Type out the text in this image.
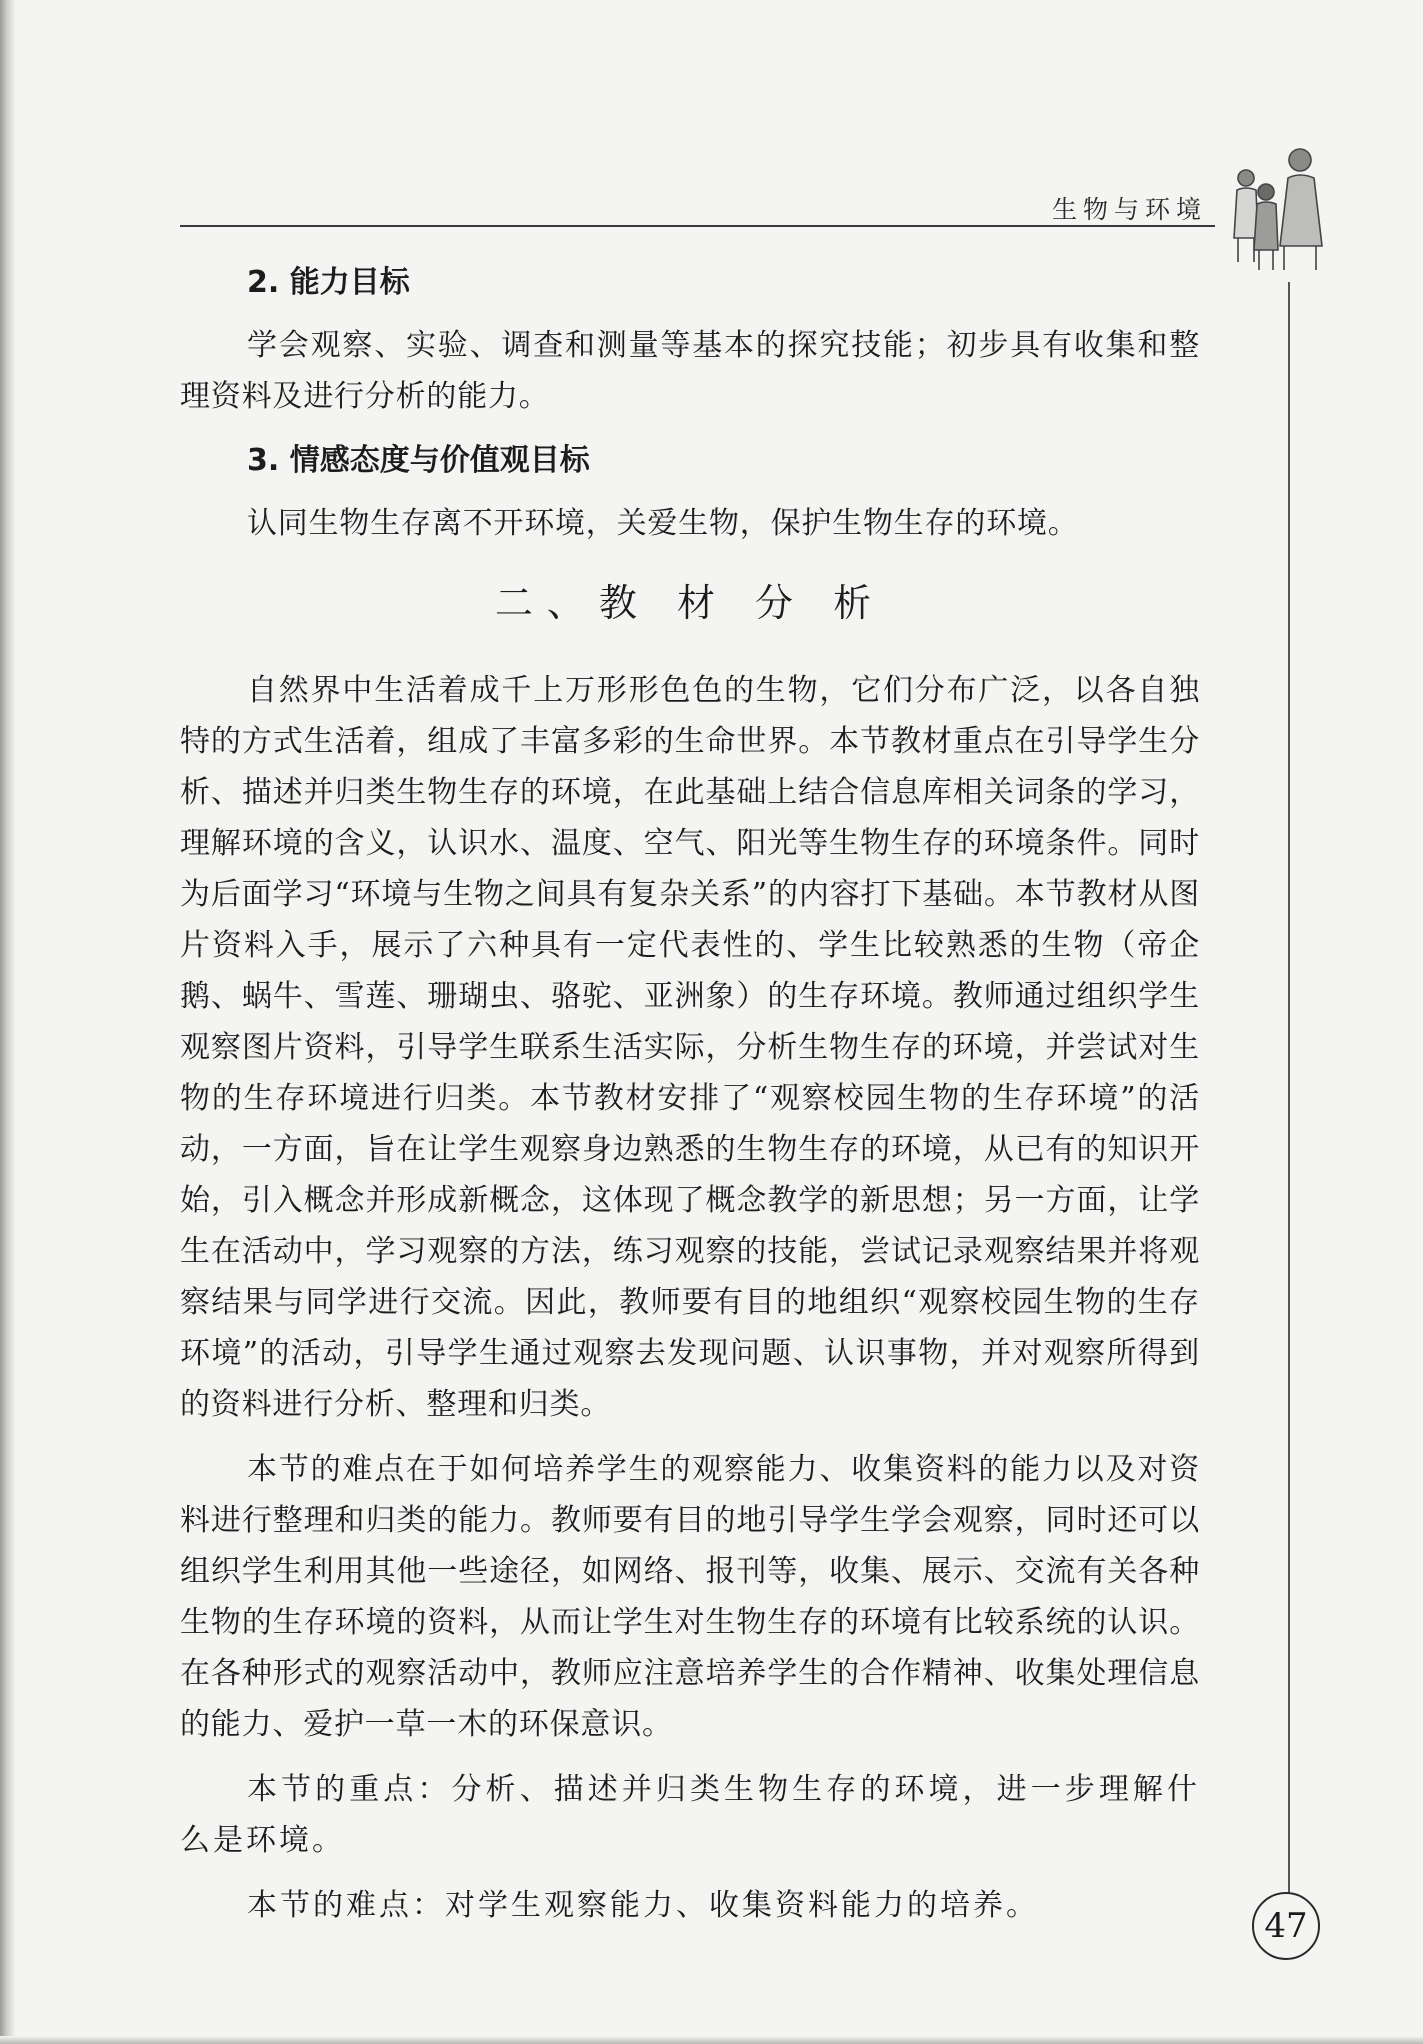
生物与环境
2. 能力目标

学会观察、实验、调查和测量等基本的探究技能；初步具有收集和整理资料及进行分析的能力。

3. 情感态度与价值观目标

认同生物生存离不开环境，关爱生物，保护生物生存的环境。

二、教 材 分 析

自然界中生活着成千上万形形色色的生物，它们分布广泛，以各自独特的方式生活着，组成了丰富多彩的生命世界。本节教材重点在引导学生分析、描述并归类生物生存的环境，在此基础上结合信息库相关词条的学习，理解环境的含义，认识水、温度、空气、阳光等生物生存的环境条件。同时为后面学习“环境与生物之间具有复杂关系”的内容打下基础。本节教材从图片资料入手，展示了六种具有一定代表性的、学生比较熟悉的生物（帝企鹅、蜗牛、雪莲、珊瑚虫、骆驼、亚洲象）的生存环境。教师通过组织学生观察图片资料，引导学生联系生活实际，分析生物生存的环境，并尝试对生物的生存环境进行归类。本节教材安排了“观察校园生物的生存环境”的活动，一方面，旨在让学生观察身边熟悉的生物生存的环境，从已有的知识开始，引入概念并形成新概念，这体现了概念教学的新思想；另一方面，让学生在活动中，学习观察的方法，练习观察的技能，尝试记录观察结果并将观察结果与同学进行交流。因此，教师要有目的地组织“观察校园生物的生存环境”的活动，引导学生通过观察去发现问题、认识事物，并对观察所得到的资料进行分析、整理和归类。

本节的难点在于如何培养学生的观察能力、收集资料的能力以及对资料进行整理和归类的能力。教师要有目的地引导学生学会观察，同时还可以组织学生利用其他一些途径，如网络、报刊等，收集、展示、交流有关各种生物的生存环境的资料，从而让学生对生物生存的环境有比较系统的认识。在各种形式的观察活动中，教师应注意培养学生的合作精神、收集处理信息的能力、爱护一草一木的环保意识。

本节的重点：分析、描述并归类生物生存的环境，进一步理解什么是环境。

本节的难点：对学生观察能力、收集资料能力的培养。

47
